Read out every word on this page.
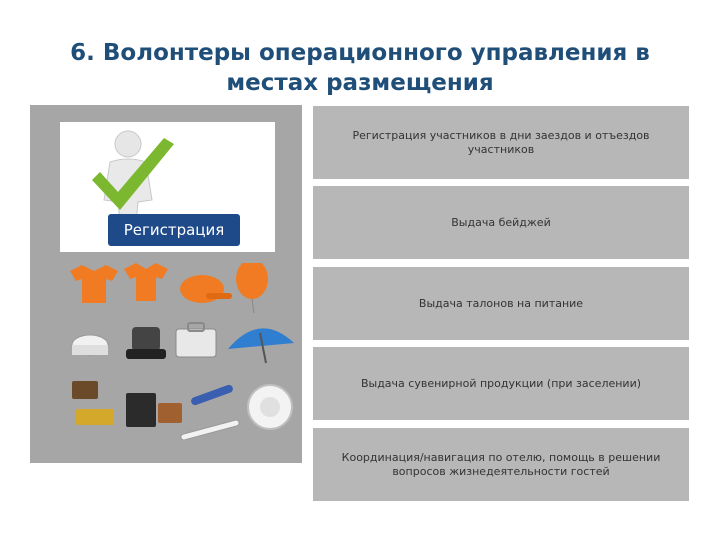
6. Волонтеры операционного управления в
местах размещения
Регистрация
Регистрация участников в дни заездов и отъездов участников
Выдача бейджей
Выдача талонов на питание
Выдача сувенирной продукции (при заселении)
Координация/навигация по отелю, помощь в решении вопросов жизнедеятельности гостей
